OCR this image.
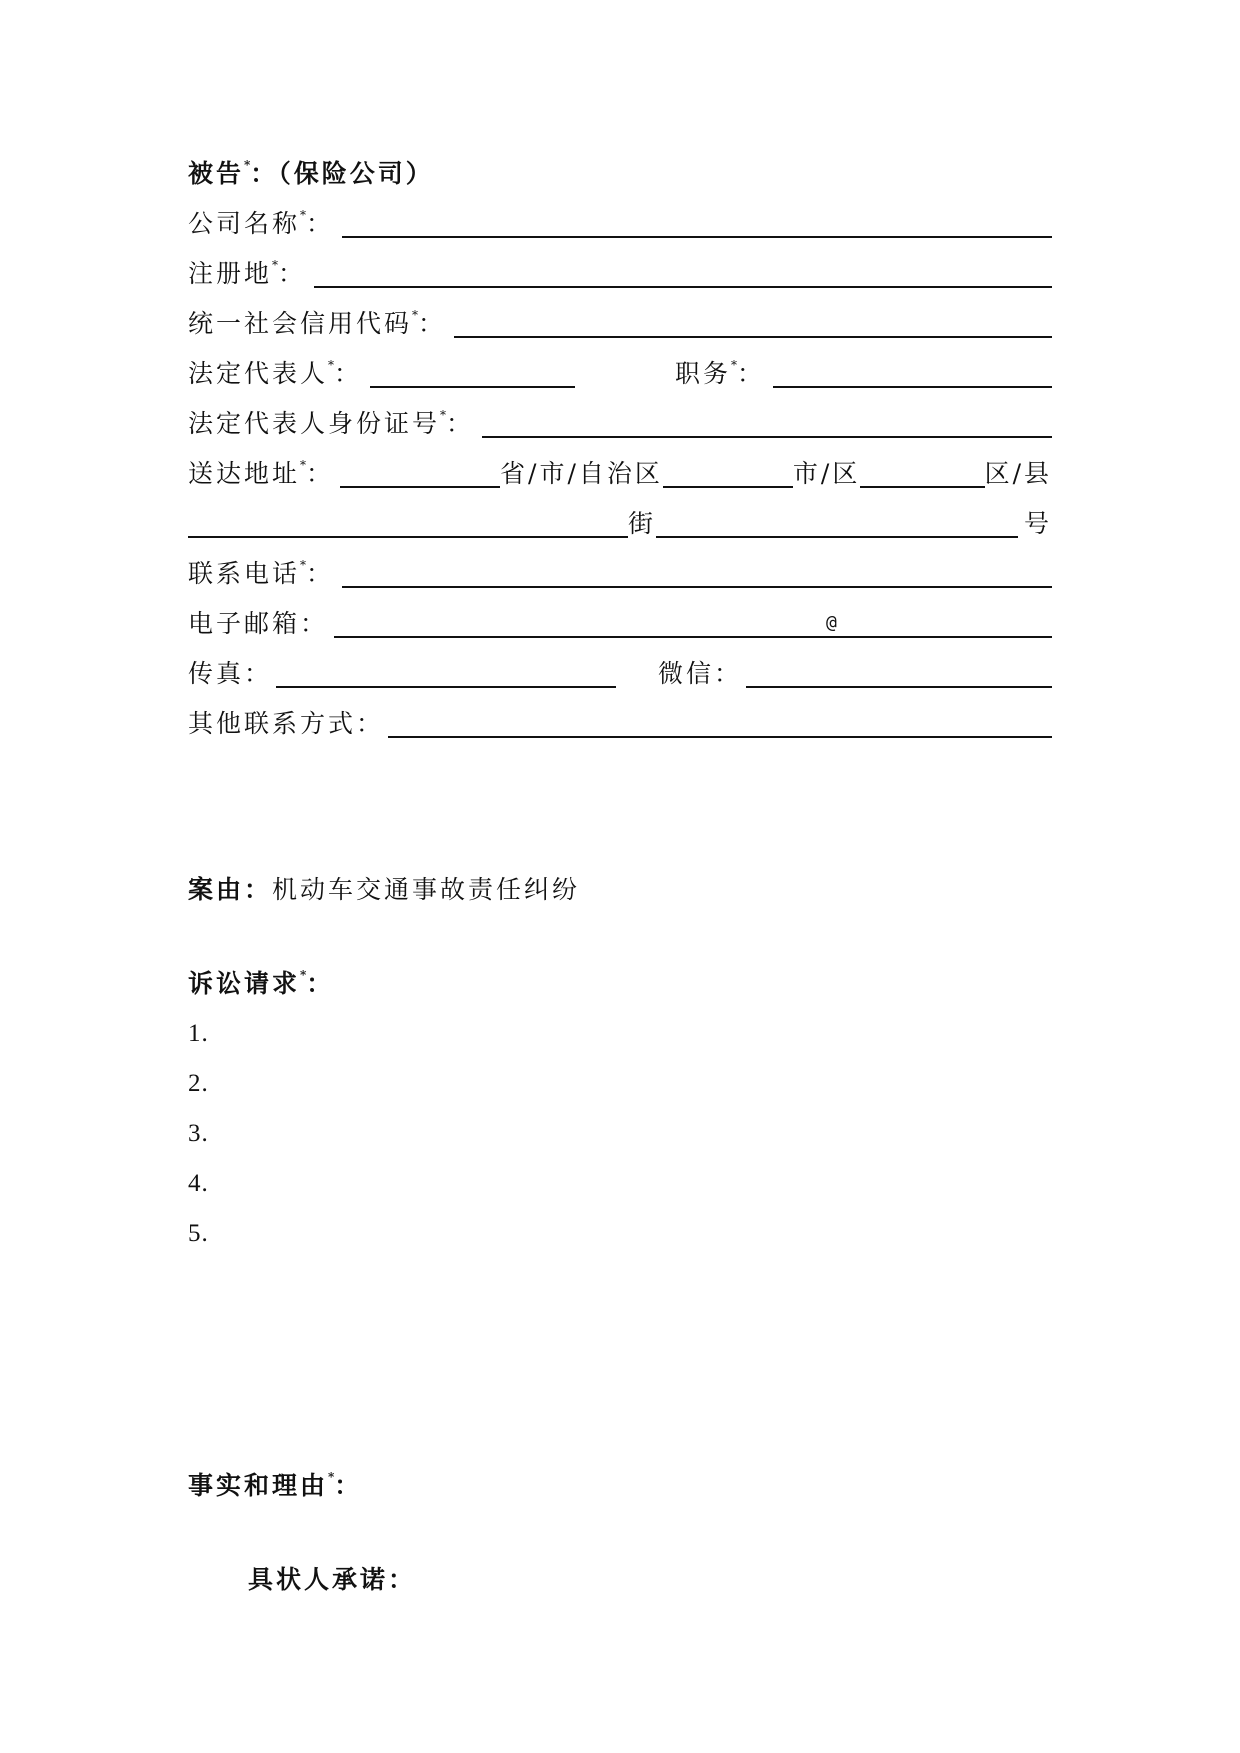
被告*：（保险公司）
公司名称*：
注册地*：
统一社会信用代码*：
法定代表人*：	职务*：
法定代表人身份证号*：
送达地址*：	省/市/自治区	市/区	区/县
街	号
联系电话*：
电子邮箱：	@
传真：	微信：
其他联系方式：
案由：机动车交通事故责任纠纷
诉讼请求*：
1.
2.
3.
4.
5.
事实和理由*：
具状人承诺：
